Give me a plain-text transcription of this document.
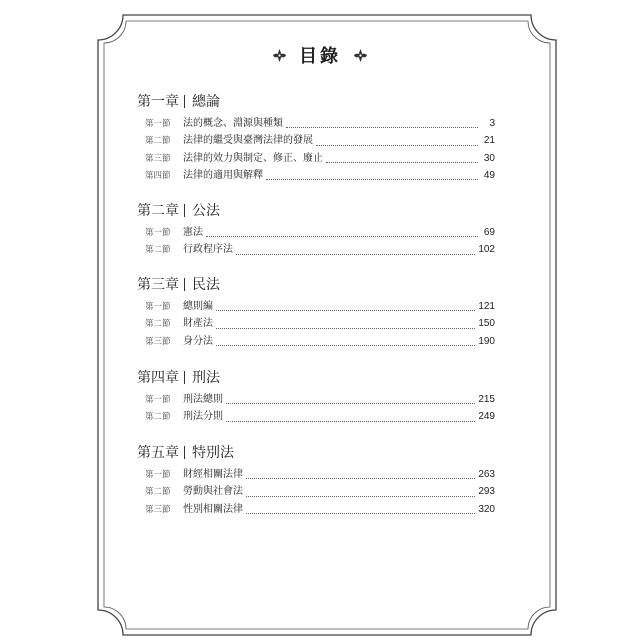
目錄
第一章 總論
第一節	法的概念、淵源與種類	3
第二節	法律的繼受與臺灣法律的發展	21
第三節	法律的效力與制定、修正、廢止	30
第四節	法律的適用與解釋	49
第二章 公法
第一節	憲法	69
第二節	行政程序法	102
第三章 民法
第一節	總則編	121
第二節	財產法	150
第三節	身分法	190
第四章 刑法
第一節	刑法總則	215
第二節	刑法分則	249
第五章 特別法
第一節	財經相關法律	263
第二節	勞動與社會法	293
第三節	性別相關法律	320
